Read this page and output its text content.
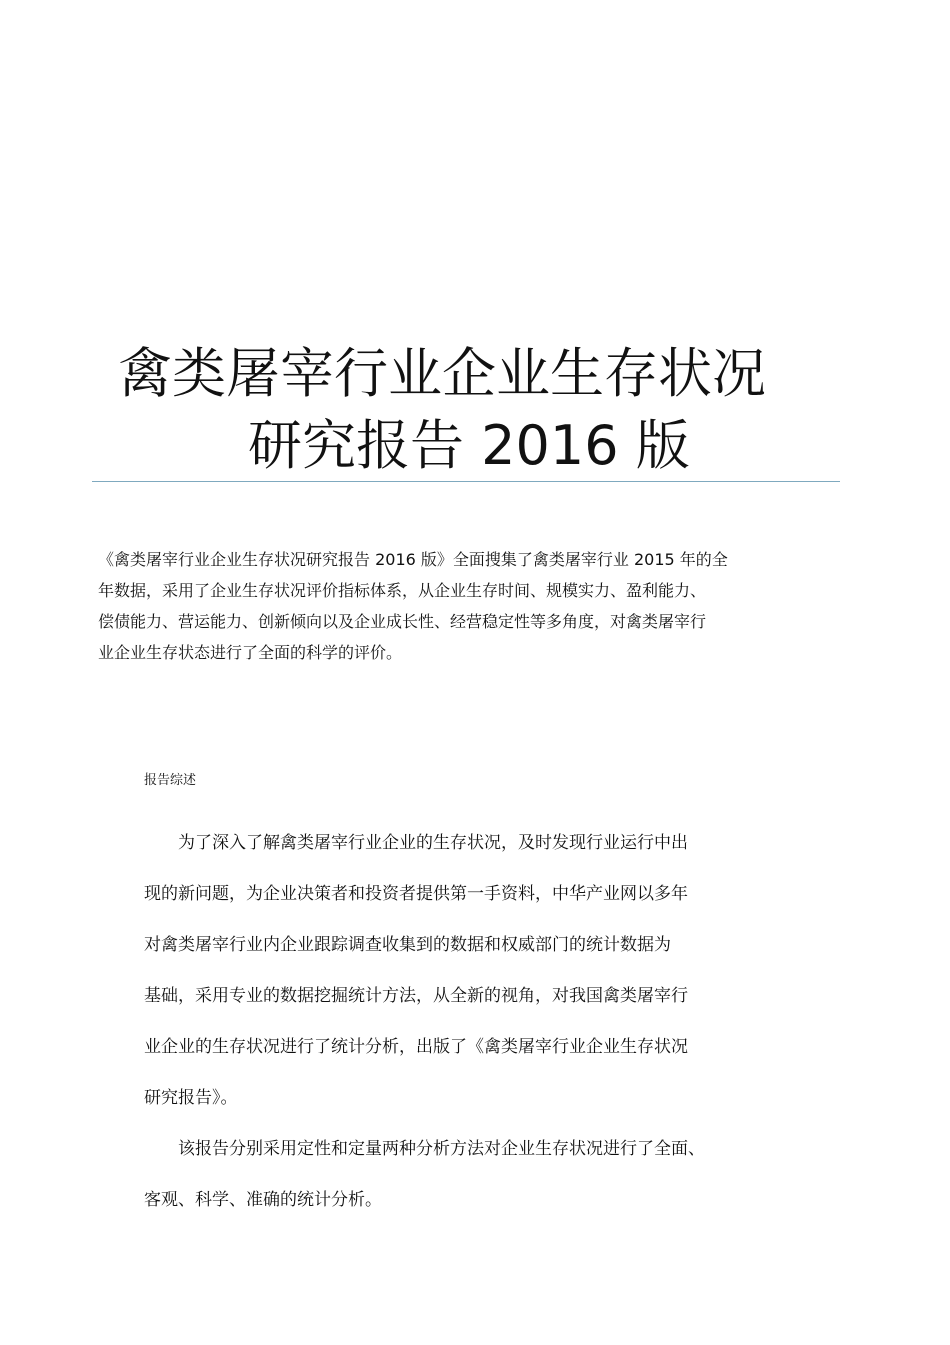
禽类屠宰行业企业生存状况
研究报告 2016 版
《禽类屠宰行业企业生存状况研究报告 2016 版》全面搜集了禽类屠宰行业 2015 年的全
年数据，采用了企业生存状况评价指标体系，从企业生存时间、规模实力、盈利能力、
偿债能力、营运能力、创新倾向以及企业成长性、经营稳定性等多角度，对禽类屠宰行
业企业生存状态进行了全面的科学的评价。
报告综述
为了深入了解禽类屠宰行业企业的生存状况，及时发现行业运行中出
现的新问题，为企业决策者和投资者提供第一手资料，中华产业网以多年
对禽类屠宰行业内企业跟踪调查收集到的数据和权威部门的统计数据为
基础，采用专业的数据挖掘统计方法，从全新的视角，对我国禽类屠宰行
业企业的生存状况进行了统计分析，出版了《禽类屠宰行业企业生存状况
研究报告》。
该报告分别采用定性和定量两种分析方法对企业生存状况进行了全面、
客观、科学、准确的统计分析。
